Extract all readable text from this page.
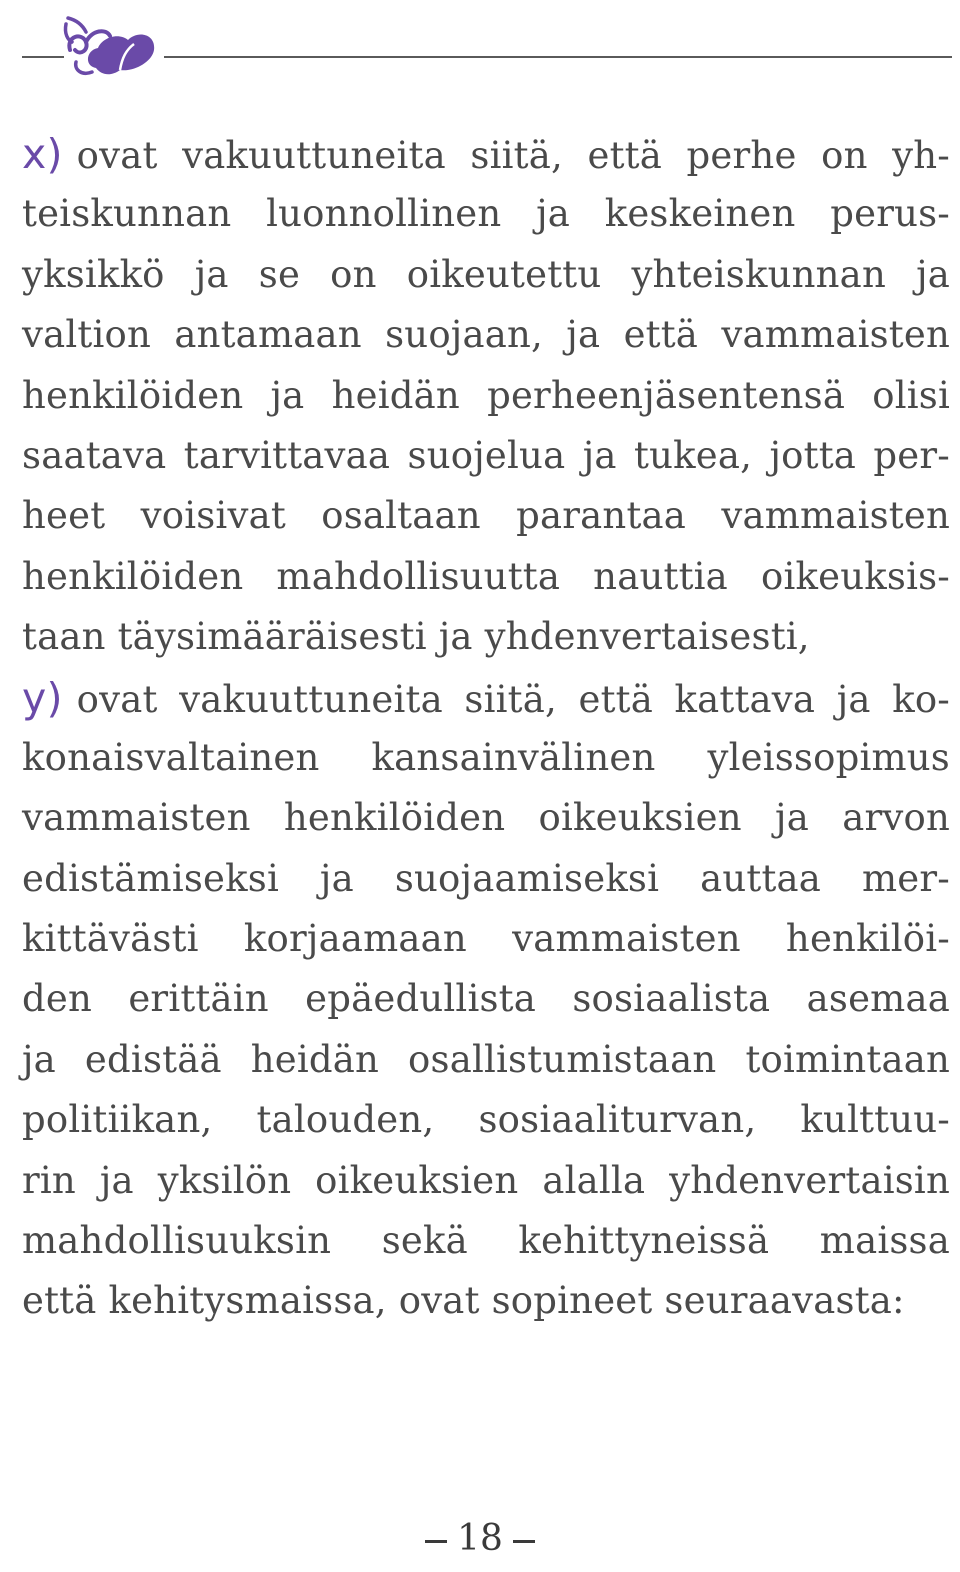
x) ovat vakuuttuneita siitä, että perhe on yh-
teiskunnan luonnollinen ja keskeinen perus-
yksikkö ja se on oikeutettu yhteiskunnan ja
valtion antamaan suojaan, ja että vammaisten
henkilöiden ja heidän perheenjäsentensä olisi
saatava tarvittavaa suojelua ja tukea, jotta per-
heet voisivat osaltaan parantaa vammaisten
henkilöiden mahdollisuutta nauttia oikeuksis-
taan täysimääräisesti ja yhdenvertaisesti,
y) ovat vakuuttuneita siitä, että kattava ja ko-
konaisvaltainen kansainvälinen yleissopimus
vammaisten henkilöiden oikeuksien ja arvon
edistämiseksi ja suojaamiseksi auttaa mer-
kittävästi korjaamaan vammaisten henkilöi-
den erittäin epäedullista sosiaalista asemaa
ja edistää heidän osallistumistaan toimintaan
politiikan, talouden, sosiaaliturvan, kulttuu-
rin ja yksilön oikeuksien alalla yhdenvertaisin
mahdollisuuksin sekä kehittyneissä maissa
että kehitysmaissa, ovat sopineet seuraavasta:
18
